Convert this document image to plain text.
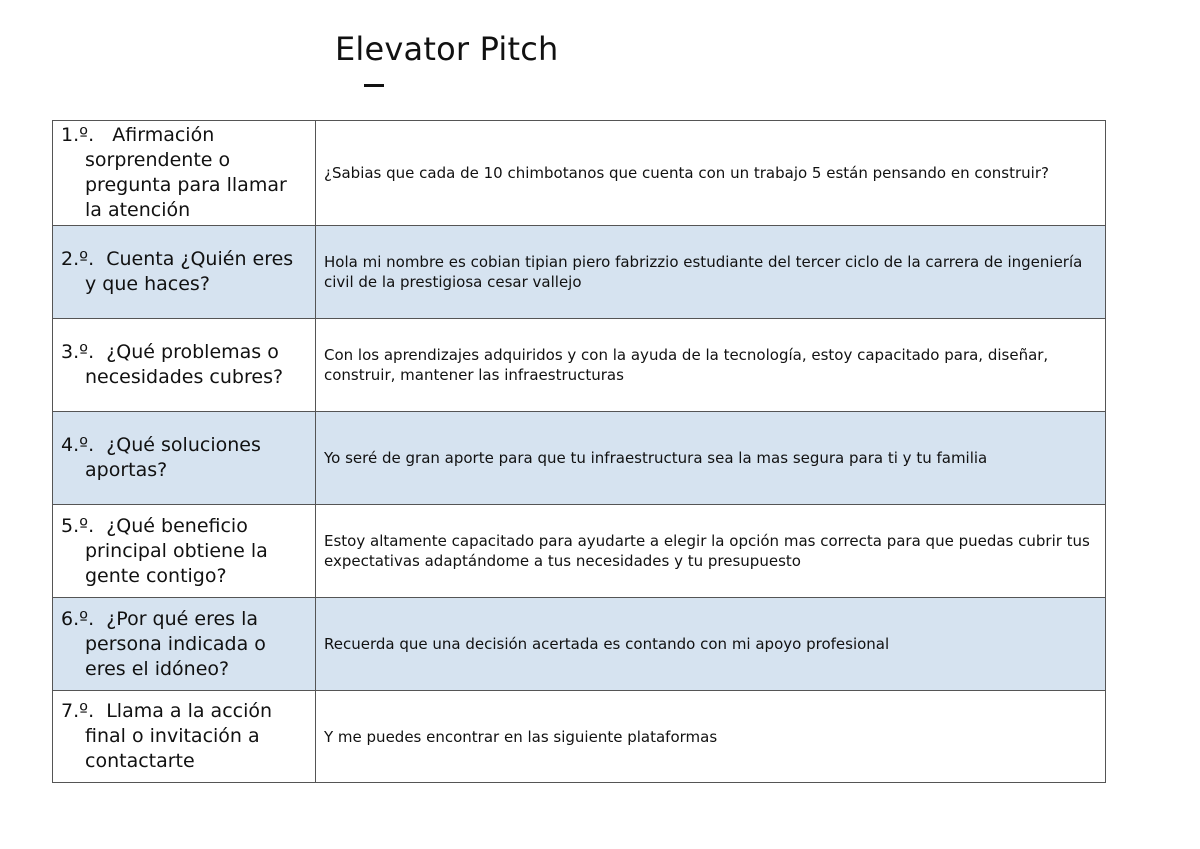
Elevator Pitch
1.º. Afirmación sorprendente o pregunta para llamar la atención	¿Sabias que cada de 10 chimbotanos que cuenta con un trabajo 5 están pensando en construir?

2.º. Cuenta ¿Quién eres y que haces?	Hola mi nombre es cobian tipian piero fabrizzio estudiante del tercer ciclo de la carrera de ingeniería civil de la prestigiosa cesar vallejo

3.º. ¿Qué problemas o necesidades cubres?	Con los aprendizajes adquiridos y con la ayuda de la tecnología, estoy capacitado para, diseñar, construir, mantener las infraestructuras

4.º. ¿Qué soluciones aportas?	Yo seré de gran aporte para que tu infraestructura sea la mas segura para ti y tu familia

5.º. ¿Qué beneficio principal obtiene la gente contigo?	Estoy altamente capacitado para ayudarte a elegir la opción mas correcta para que puedas cubrir tus expectativas adaptándome a tus necesidades y tu presupuesto

6.º. ¿Por qué eres la persona indicada o eres el idóneo?	Recuerda que una decisión acertada es contando con mi apoyo profesional

7.º. Llama a la acción final o invitación a contactarte	Y me puedes encontrar en las siguiente plataformas
